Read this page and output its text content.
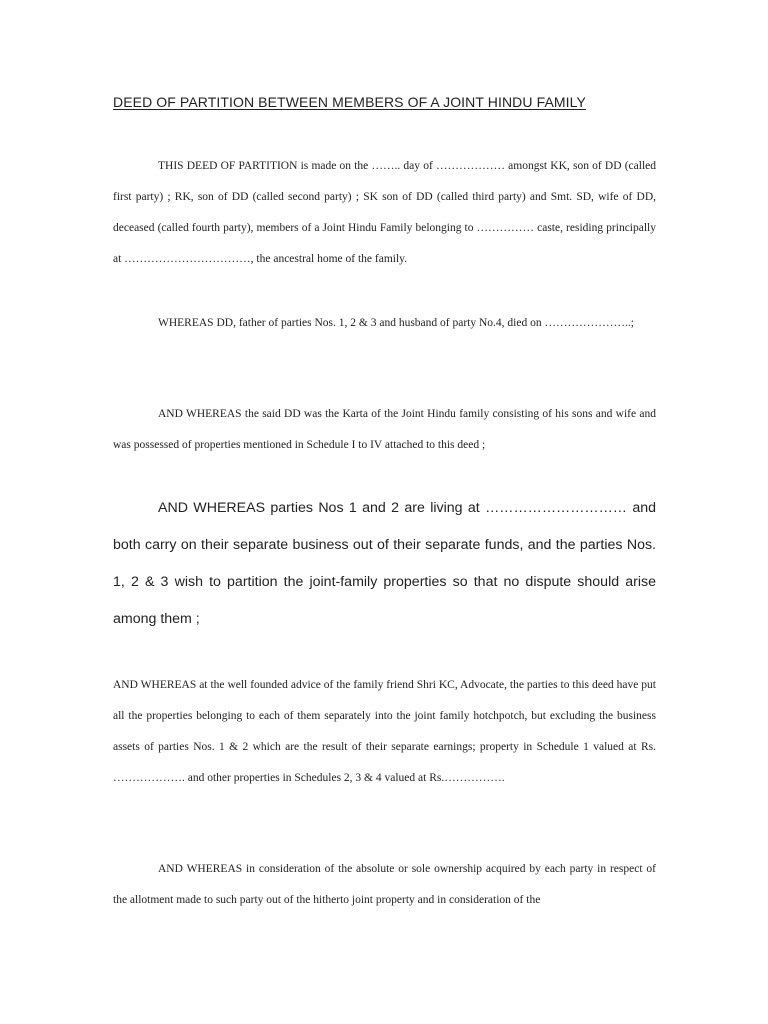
DEED OF PARTITION BETWEEN MEMBERS OF A JOINT HINDU FAMILY

THIS DEED OF PARTITION is made on the …….. day of ……………… amongst KK, son of DD (called first party) ; RK, son of DD (called second party) ; SK son of DD (called third party) and Smt. SD, wife of DD, deceased (called fourth party), members of a Joint Hindu Family belonging to …………… caste, residing principally at ……………………………, the ancestral home of the family.

WHEREAS DD, father of parties Nos. 1, 2 & 3 and husband of party No.4, died on …………………..;

AND WHEREAS the said DD was the Karta of the Joint Hindu family consisting of his sons and wife and was possessed of properties mentioned in Schedule I to IV attached to this deed ;

AND WHEREAS parties Nos 1 and 2 are living at ………………………… and both carry on their separate business out of their separate funds, and the parties Nos. 1, 2 & 3 wish to partition the joint-family properties so that no dispute should arise among them ;

AND WHEREAS at the well founded advice of the family friend Shri KC, Advocate, the parties to this deed have put all the properties belonging to each of them separately into the joint family hotchpotch, but excluding the business assets of parties Nos. 1 & 2 which are the result of their separate earnings; property in Schedule 1 valued at Rs. ………………. and other properties in Schedules 2, 3 & 4 valued at Rs.…………….

AND WHEREAS in consideration of the absolute or sole ownership acquired by each party in respect of the allotment made to such party out of the hitherto joint property and in consideration of the
